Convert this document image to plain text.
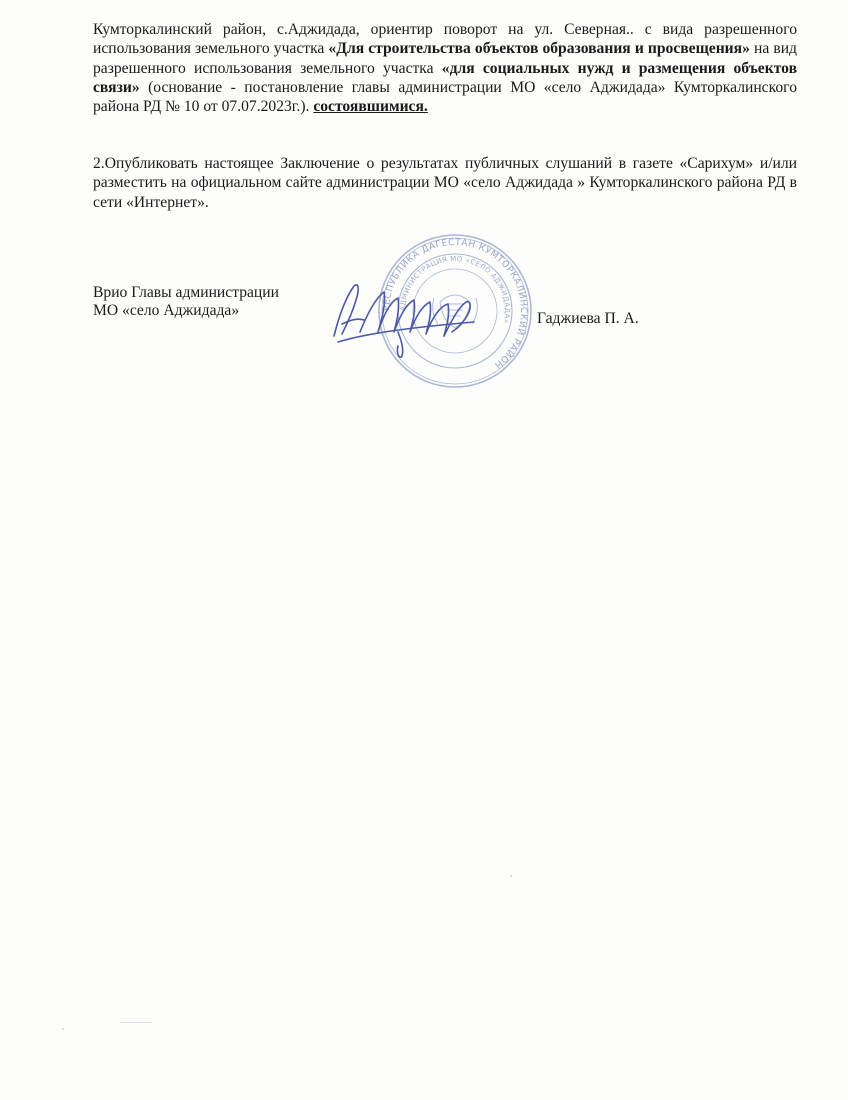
Кумторкалинский район, с.Аджидада, ориентир поворот на ул. Северная.. с вида разрешенного использования земельного участка «Для строительства объектов образования и просвещения» на вид разрешенного использования земельного участка «для социальных нужд и размещения объектов связи» (основание - постановление главы администрации МО «село Аджидада» Кумторкалинского района РД № 10 от 07.07.2023г.). состоявшимися.

2.Опубликовать настоящее Заключение о результатах публичных слушаний в газете «Сарихум» и/или разместить на официальном сайте администрации МО «село Аджидада » Кумторкалинского района РД в сети «Интернет».

Врио Главы администрации
МО «село Аджидада»	РЕСПУБЛИКА ДАГЕСТАН КУМТОРКАЛИНСКИЙ РАЙОН
АДМИНИСТРАЦИЯ МО «СЕЛО АДЖИДАДА» Гаджиева П. А.
